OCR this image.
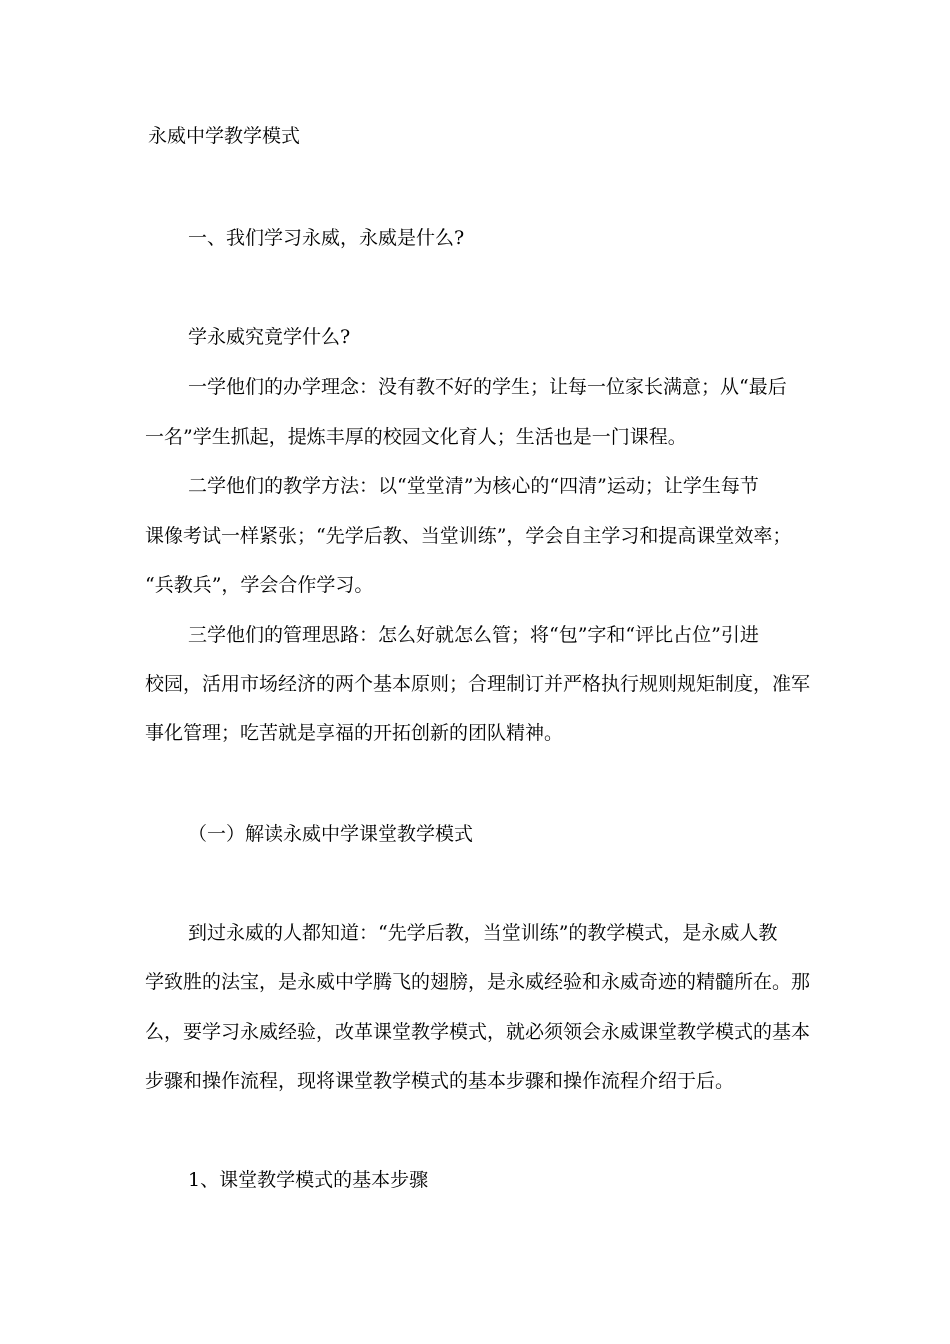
永威中学教学模式

一、我们学习永威，永威是什么?

学永威究竟学什么?

一学他们的办学理念：没有教不好的学生；让每一位家长满意；从“最后

一名”学生抓起，提炼丰厚的校园文化育人；生活也是一门课程。

二学他们的教学方法：以“堂堂清”为核心的“四清”运动；让学生每节

课像考试一样紧张；“先学后教、当堂训练”，学会自主学习和提高课堂效率；

“兵教兵”，学会合作学习。

三学他们的管理思路：怎么好就怎么管；将“包”字和“评比占位”引进

校园，活用市场经济的两个基本原则；合理制订并严格执行规则规矩制度，准军

事化管理；吃苦就是享福的开拓创新的团队精神。

（一）解读永威中学课堂教学模式

到过永威的人都知道：“先学后教，当堂训练”的教学模式，是永威人教

学致胜的法宝，是永威中学腾飞的翅膀，是永威经验和永威奇迹的精髓所在。那

么，要学习永威经验，改革课堂教学模式，就必须领会永威课堂教学模式的基本

步骤和操作流程，现将课堂教学模式的基本步骤和操作流程介绍于后。

1、课堂教学模式的基本步骤
